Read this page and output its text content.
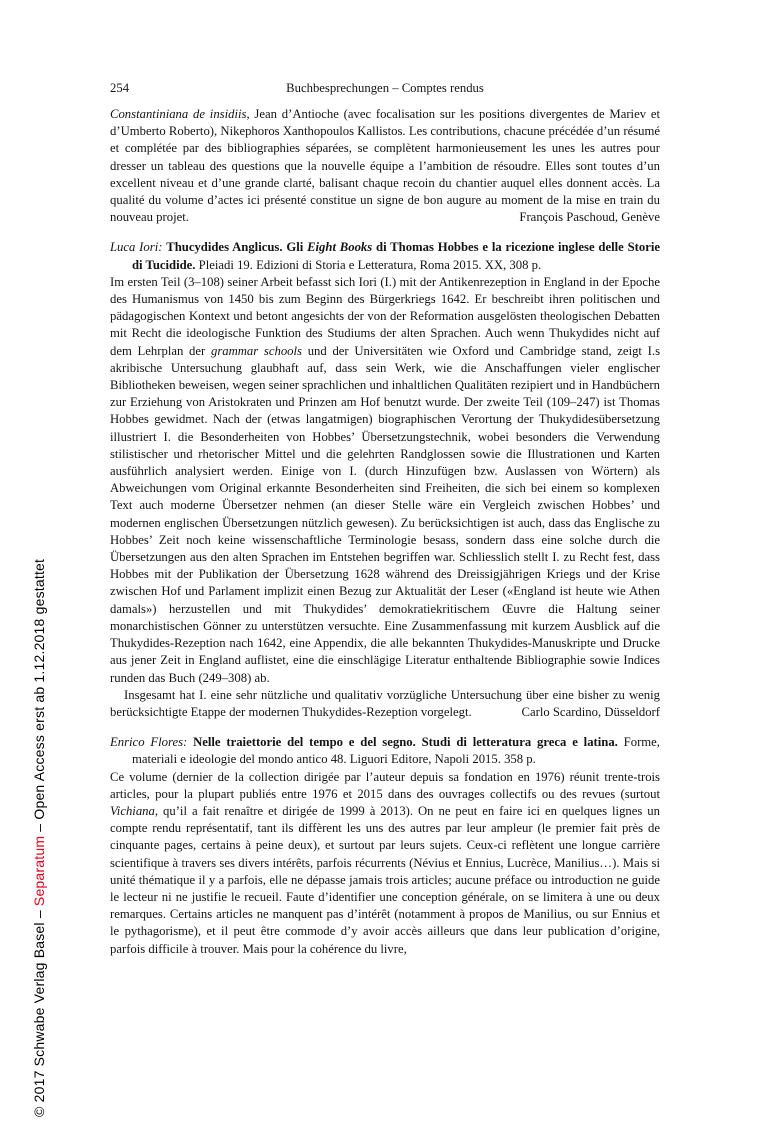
© 2017 Schwabe Verlag Basel – Separatum – Open Access erst ab 1.12.2018 gestattet
254	Buchbesprechungen – Comptes rendus

Constantiniana de insidiis, Jean d’Antioche (avec focalisation sur les positions divergentes de Mariev et d’Umberto Roberto), Nikephoros Xanthopoulos Kallistos. Les contributions, chacune précédée d’un résumé et complétée par des bibliographies séparées, se complètent harmonieusement les unes les autres pour dresser un tableau des questions que la nouvelle équipe a l’ambition de résoudre. Elles sont toutes d’un excellent niveau et d’une grande clarté, balisant chaque recoin du chantier auquel elles donnent accès. La qualité du volume d’actes ici présenté constitue un signe de bon augure au moment de la mise en train du nouveau projet.	François Paschoud, Genève

Luca Iori: Thucydides Anglicus. Gli Eight Books di Thomas Hobbes e la ricezione inglese delle Storie di Tucidide. Pleiadi 19. Edizioni di Storia e Letteratura, Roma 2015. XX, 308 p.

Im ersten Teil (3–108) seiner Arbeit befasst sich Iori (I.) mit der Antikenrezeption in England in der Epoche des Humanismus von 1450 bis zum Beginn des Bürgerkriegs 1642. Er beschreibt ihren politischen und pädagogischen Kontext und betont angesichts der von der Reformation ausgelösten theologischen Debatten mit Recht die ideologische Funktion des Studiums der alten Sprachen. Auch wenn Thukydides nicht auf dem Lehrplan der grammar schools und der Universitäten wie Oxford und Cambridge stand, zeigt I.s akribische Untersuchung glaubhaft auf, dass sein Werk, wie die Anschaffungen vieler englischer Bibliotheken beweisen, wegen seiner sprachlichen und inhaltlichen Qualitäten rezipiert und in Handbüchern zur Erziehung von Aristokraten und Prinzen am Hof benutzt wurde. Der zweite Teil (109–247) ist Thomas Hobbes gewidmet. Nach der (etwas langatmigen) biographischen Verortung der Thukydidesübersetzung illustriert I. die Besonderheiten von Hobbes’ Übersetzungstechnik, wobei besonders die Verwendung stilistischer und rhetorischer Mittel und die gelehrten Randglossen sowie die Illustrationen und Karten ausführlich analysiert werden. Einige von I. (durch Hinzufügen bzw. Auslassen von Wörtern) als Abweichungen vom Original erkannte Besonderheiten sind Freiheiten, die sich bei einem so komplexen Text auch moderne Übersetzer nehmen (an dieser Stelle wäre ein Vergleich zwischen Hobbes’ und modernen englischen Übersetzungen nützlich gewesen). Zu berücksichtigen ist auch, dass das Englische zu Hobbes’ Zeit noch keine wissenschaftliche Terminologie besass, sondern dass eine solche durch die Übersetzungen aus den alten Sprachen im Entstehen begriffen war. Schliesslich stellt I. zu Recht fest, dass Hobbes mit der Publikation der Übersetzung 1628 während des Dreissigjährigen Kriegs und der Krise zwischen Hof und Parlament implizit einen Bezug zur Aktualität der Leser («England ist heute wie Athen damals») herzustellen und mit Thukydides’ demokratiekritischem Œuvre die Haltung seiner monarchistischen Gönner zu unterstützen versuchte. Eine Zusammenfassung mit kurzem Ausblick auf die Thukydides-Rezeption nach 1642, eine Appendix, die alle bekannten Thukydides-Manuskripte und Drucke aus jener Zeit in England auflistet, eine die einschlägige Literatur enthaltende Bibliographie sowie Indices runden das Buch (249–308) ab.

Insgesamt hat I. eine sehr nützliche und qualitativ vorzügliche Untersuchung über eine bisher zu wenig berücksichtigte Etappe der modernen Thukydides-Rezeption vorgelegt.	Carlo Scardino, Düsseldorf

Enrico Flores: Nelle traiettorie del tempo e del segno. Studi di letteratura greca e latina. Forme, materiali e ideologie del mondo antico 48. Liguori Editore, Napoli 2015. 358 p.

Ce volume (dernier de la collection dirigée par l’auteur depuis sa fondation en 1976) réunit trente-trois articles, pour la plupart publiés entre 1976 et 2015 dans des ouvrages collectifs ou des revues (surtout Vichiana, qu’il a fait renaître et dirigée de 1999 à 2013). On ne peut en faire ici en quelques lignes un compte rendu représentatif, tant ils diffèrent les uns des autres par leur ampleur (le premier fait près de cinquante pages, certains à peine deux), et surtout par leurs sujets. Ceux-ci reflètent une longue carrière scientifique à travers ses divers intérêts, parfois récurrents (Névius et Ennius, Lucrèce, Manilius…). Mais si unité thématique il y a parfois, elle ne dépasse jamais trois articles; aucune préface ou introduction ne guide le lecteur ni ne justifie le recueil. Faute d’identifier une conception générale, on se limitera à une ou deux remarques. Certains articles ne manquent pas d’intérêt (notamment à propos de Manilius, ou sur Ennius et le pythagorisme), et il peut être commode d’y avoir accès ailleurs que dans leur publication d’origine, parfois difficile à trouver. Mais pour la cohérence du livre,
